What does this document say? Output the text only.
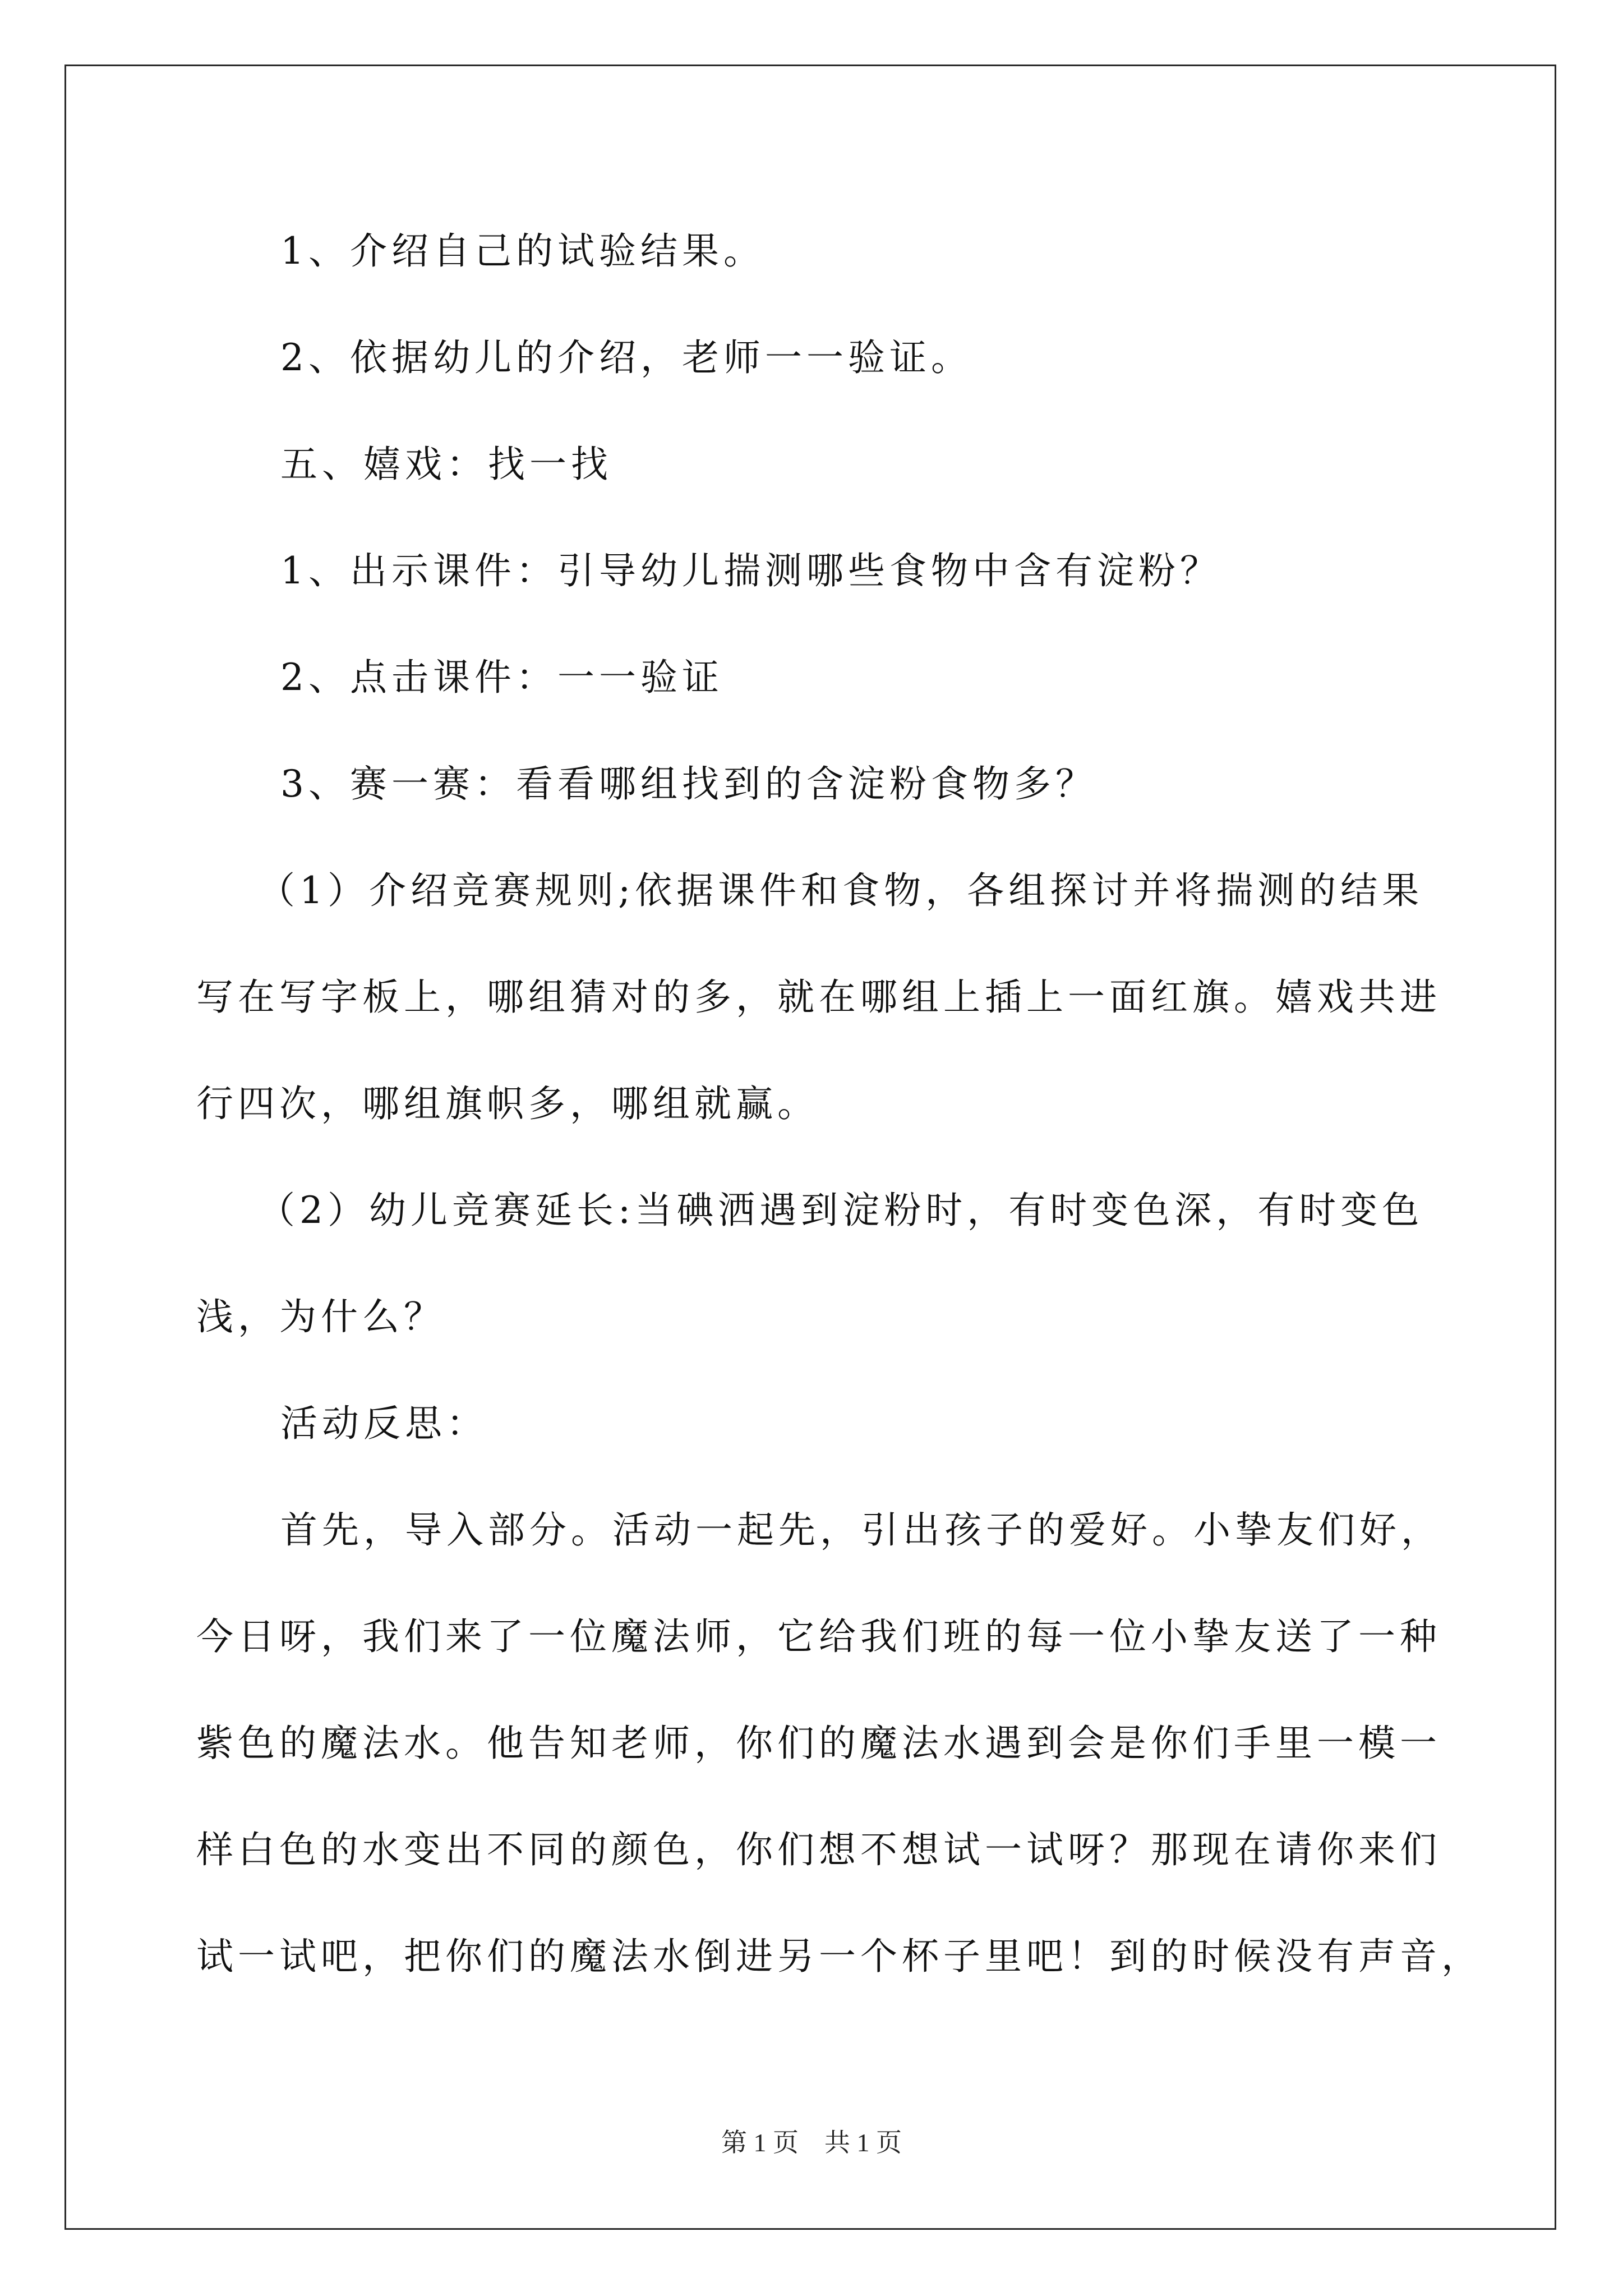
1、介绍自己的试验结果。
2、依据幼儿的介绍，老师一一验证。
五、嬉戏：找一找
1、出示课件：引导幼儿揣测哪些食物中含有淀粉？
2、点击课件：一一验证
3、赛一赛：看看哪组找到的含淀粉食物多？
（1）介绍竞赛规则;依据课件和食物，各组探讨并将揣测的结果
写在写字板上，哪组猜对的多，就在哪组上插上一面红旗。嬉戏共进
行四次，哪组旗帜多，哪组就赢。
（2）幼儿竞赛延长:当碘洒遇到淀粉时，有时变色深，有时变色
浅，为什么？
活动反思：
首先，导入部分。活动一起先，引出孩子的爱好。小挚友们好，
今日呀，我们来了一位魔法师，它给我们班的每一位小挚友送了一种
紫色的魔法水。他告知老师，你们的魔法水遇到会是你们手里一模一
样白色的水变出不同的颜色，你们想不想试一试呀？那现在请你来们
试一试吧，把你们的魔法水倒进另一个杯子里吧！到的时候没有声音，
第 1 页    共 1 页
